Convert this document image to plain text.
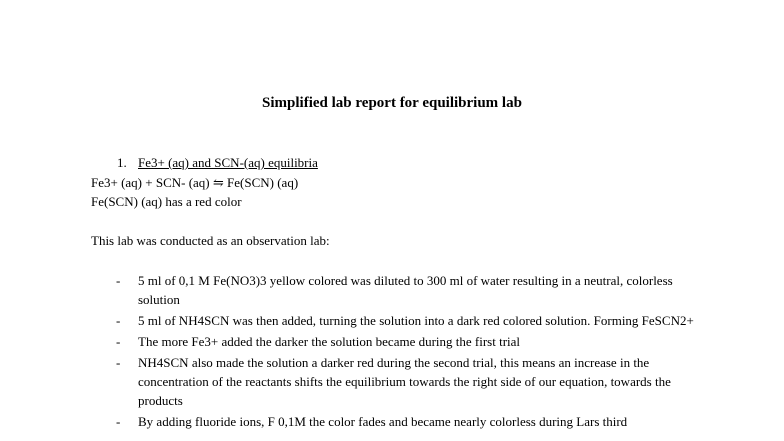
Simplified lab report for equilibrium lab
1. Fe3+ (aq) and SCN-(aq) equilibria
Fe3+ (aq) + SCN- (aq) ⇋ Fe(SCN) (aq)
Fe(SCN) (aq) has a red color
This lab was conducted as an observation lab:
- 5 ml of 0,1 M Fe(NO3)3 yellow colored was diluted to 300 ml of water resulting in a neutral, colorless solution
- 5 ml of NH4SCN was then added, turning the solution into a dark red colored solution. Forming FeSCN2+
- The more Fe3+ added the darker the solution became during the first trial
- NH4SCN also made the solution a darker red during the second trial, this means an increase in the concentration of the reactants shifts the equilibrium towards the right side of our equation, towards the products
- By adding fluoride ions, F 0,1M the color fades and became nearly colorless during Lars third
